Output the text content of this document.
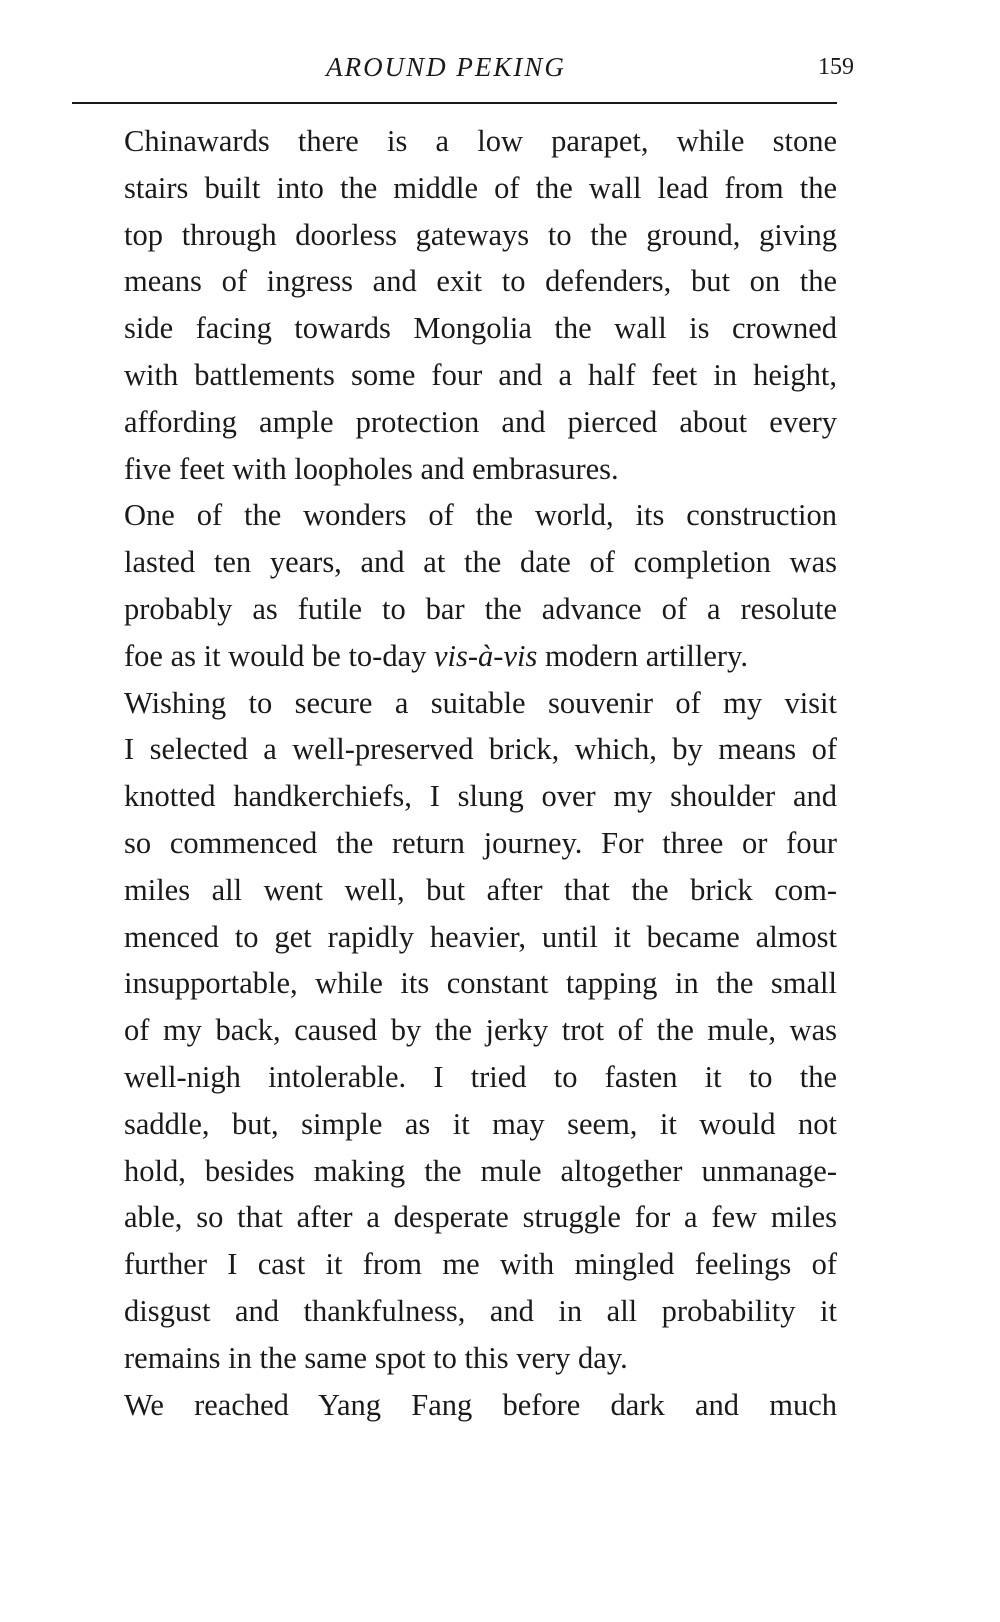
AROUND PEKING	159

Chinawards there is a low parapet, while stone
stairs built into the middle of the wall lead from the
top through doorless gateways to the ground, giving
means of ingress and exit to defenders, but on the
side facing towards Mongolia the wall is crowned
with battlements some four and a half feet in height,
affording ample protection and pierced about every
five feet with loopholes and embrasures.

One of the wonders of the world, its construction
lasted ten years, and at the date of completion was
probably as futile to bar the advance of a resolute
foe as it would be to-day vis-à-vis modern artillery.

Wishing to secure a suitable souvenir of my visit
I selected a well-preserved brick, which, by means of
knotted handkerchiefs, I slung over my shoulder and
so commenced the return journey. For three or four
miles all went well, but after that the brick com-
menced to get rapidly heavier, until it became almost
insupportable, while its constant tapping in the small
of my back, caused by the jerky trot of the mule, was
well-nigh intolerable. I tried to fasten it to the
saddle, but, simple as it may seem, it would not
hold, besides making the mule altogether unmanage-
able, so that after a desperate struggle for a few miles
further I cast it from me with mingled feelings of
disgust and thankfulness, and in all probability it
remains in the same spot to this very day.

We reached Yang Fang before dark and much
